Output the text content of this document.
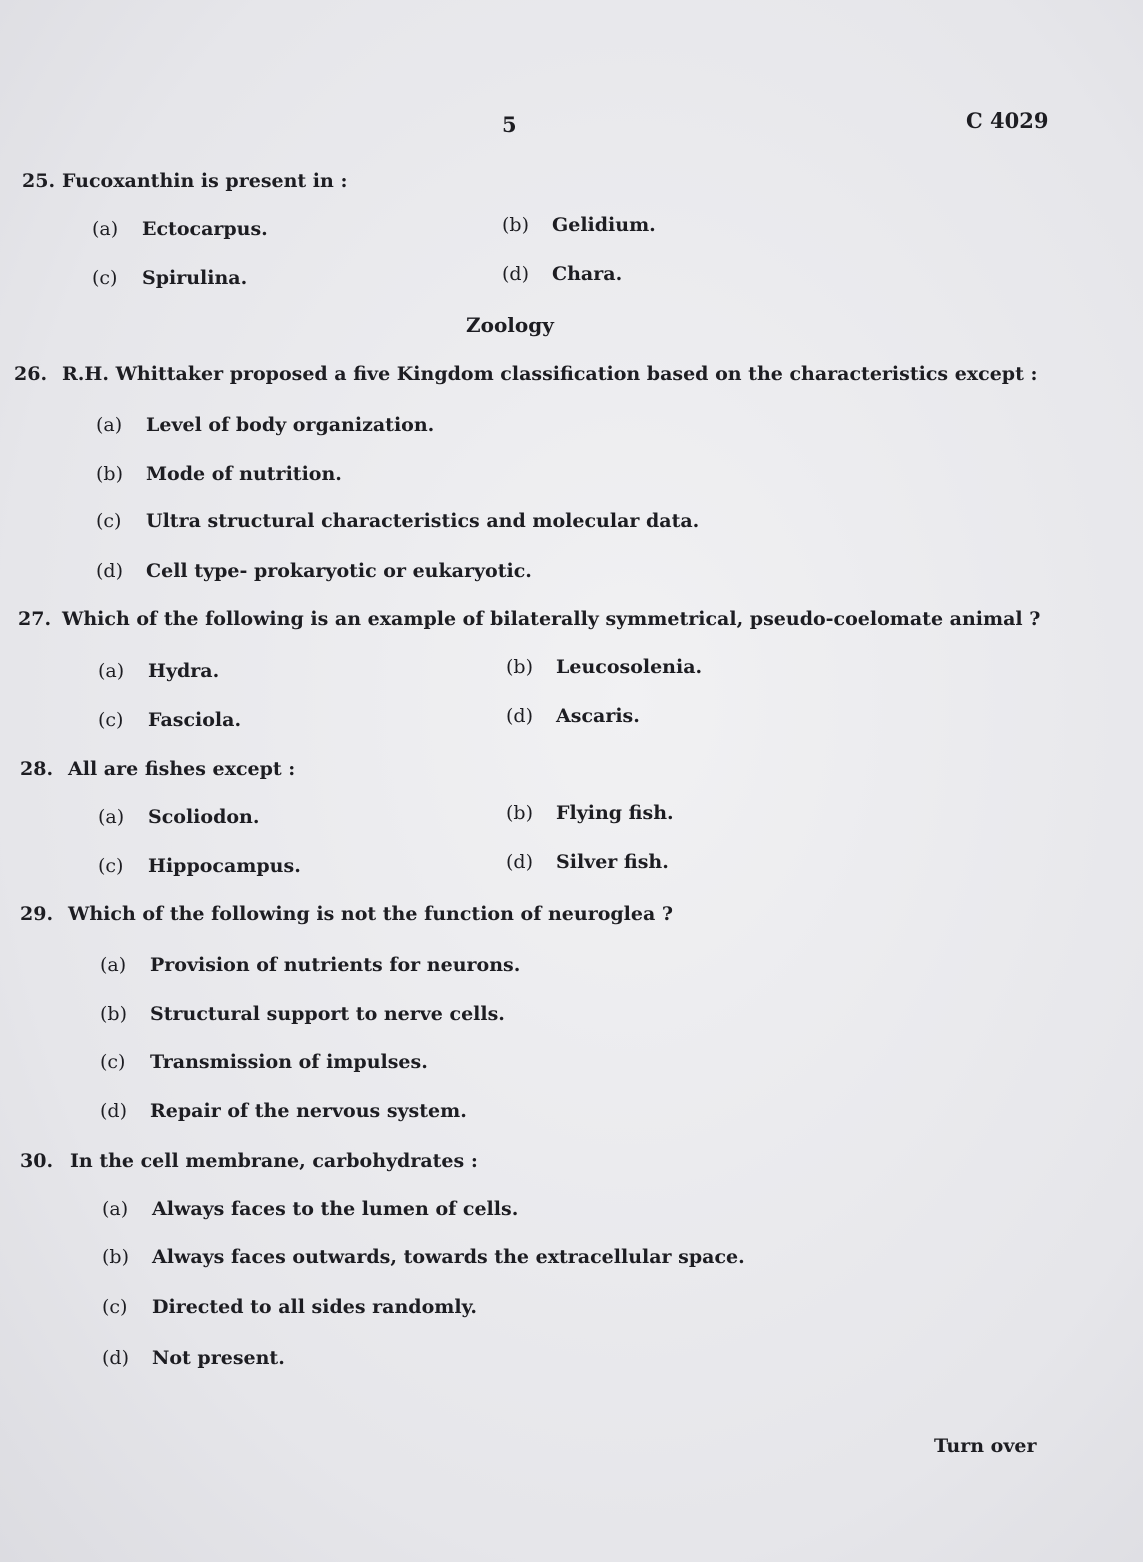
5	C 4029
25. Fucoxanthin is present in :
(a) Ectocarpus.	(b) Gelidium.
(c) Spirulina.	(d) Chara.
Zoology
26. R.H. Whittaker proposed a five Kingdom classification based on the characteristics except :
(a) Level of body organization.
(b) Mode of nutrition.
(c) Ultra structural characteristics and molecular data.
(d) Cell type- prokaryotic or eukaryotic.
27. Which of the following is an example of bilaterally symmetrical, pseudo-coelomate animal ?
(a) Hydra.	(b) Leucosolenia.
(c) Fasciola.	(d) Ascaris.
28. All are fishes except :
(a) Scoliodon.	(b) Flying fish.
(c) Hippocampus.	(d) Silver fish.
29. Which of the following is not the function of neuroglea ?
(a) Provision of nutrients for neurons.
(b) Structural support to nerve cells.
(c) Transmission of impulses.
(d) Repair of the nervous system.
30. In the cell membrane, carbohydrates :
(a) Always faces to the lumen of cells.
(b) Always faces outwards, towards the extracellular space.
(c) Directed to all sides randomly.
(d) Not present.
Turn over
